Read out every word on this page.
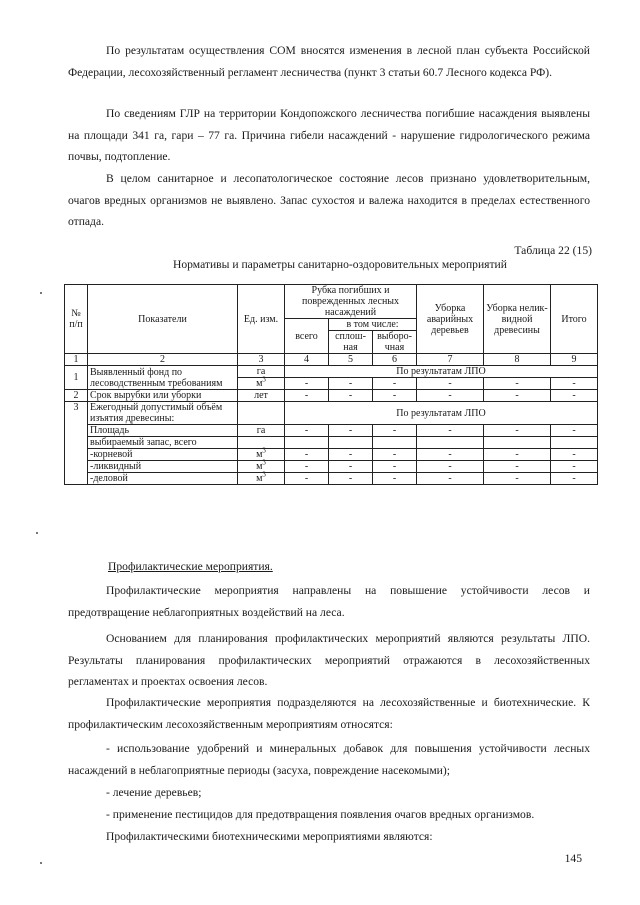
По результатам осуществления СОМ вносятся изменения в лесной план субъекта Российской Федерации, лесохозяйственный регламент лесничества (пункт 3 статьи 60.7 Лесного кодекса РФ).

По сведениям ГЛР на территории Кондопожского лесничества погибшие насаждения выявлены на площади 341 га, гари – 77 га. Причина гибели насаждений - нарушение гидрологического режима почвы, подтопление.

В целом санитарное и лесопатологическое состояние лесов признано удовлетворительным, очагов вредных организмов не выявлено. Запас сухостоя и валежа находится в пределах естественного отпада.

Таблица 22 (15)
Нормативы и параметры санитарно-оздоровительных мероприятий
№ п/п	Показатели	Ед. изм.	Рубка погибших и поврежденных лесных насаждений			Уборка аварийных деревьев	Уборка нелик-видной древесины	Итого
			всего	в том числе:				
				сплош-ная	выборо-чная			
1	2	3	4	5	6	7	8	9
1	Выявленный фонд по лесоводственным требованиям	га	По результатам ЛПО					
		$м^3$	-	-	-	-	-	-
2	Срок вырубки или уборки	лет	-	-	-	-	-	-
3	Ежегодный допустимый объём изъятия древесины:		По результатам ЛПО					
	Площадь	га	-	-	-	-	-	-
	выбираемый запас, всего							
	-корневой	$м^3$	-	-	-	-	-	-
	-ликвидный	$м^3$	-	-	-	-	-	-
	-деловой	$м^3$	-	-	-	-	-	-
Профилактические мероприятия.

Профилактические мероприятия направлены на повышение устойчивости лесов и предотвращение неблагоприятных воздействий на леса.

Основанием для планирования профилактических мероприятий являются результаты ЛПО. Результаты планирования профилактических мероприятий отражаются в лесохозяйственных регламентах и проектах освоения лесов.

Профилактические мероприятия подразделяются на лесохозяйственные и биотехнические. К профилактическим лесохозяйственным мероприятиям относятся:

- использование удобрений и минеральных добавок для повышения устойчивости лесных насаждений в неблагоприятные периоды (засуха, повреждение насекомыми);

- лечение деревьев;

- применение пестицидов для предотвращения появления очагов вредных организмов.

Профилактическими биотехническими мероприятиями являются:

145
